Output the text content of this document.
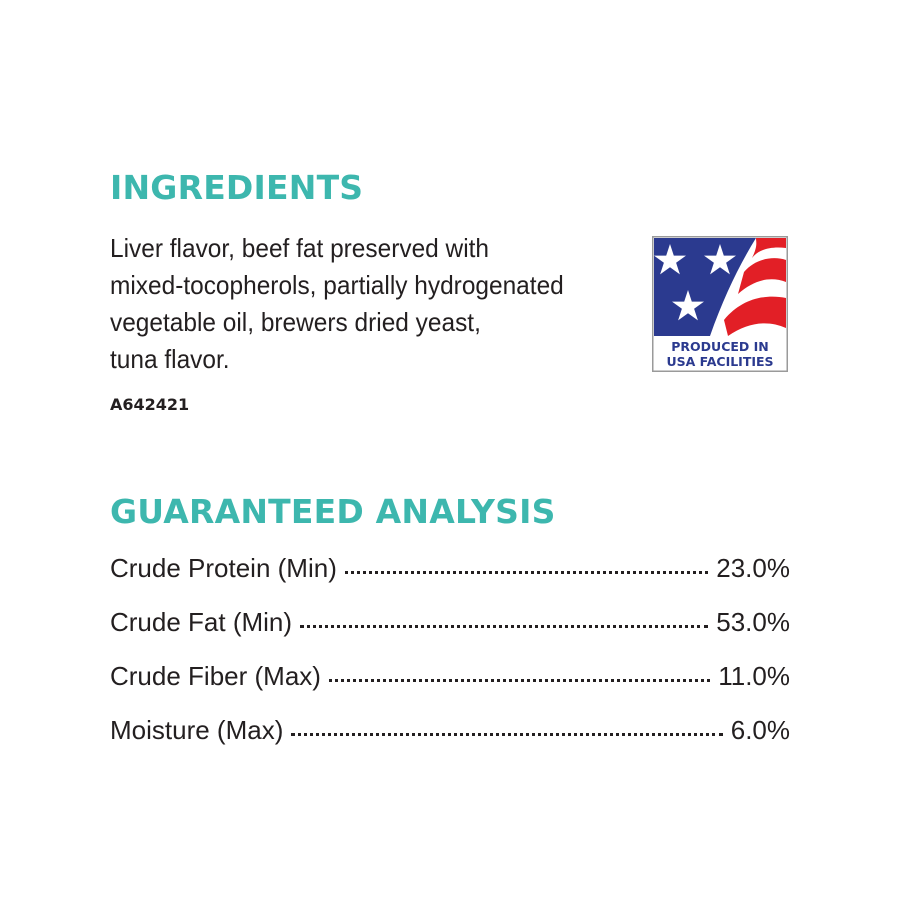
INGREDIENTS

Liver flavor, beef fat preserved with
mixed-tocopherols, partially hydrogenated
vegetable oil, brewers dried yeast,
tuna flavor.

A642421
PRODUCED IN
USA FACILITIES
GUARANTEED ANALYSIS
Crude Protein (Min)	23.0%
Crude Fat (Min)	53.0%
Crude Fiber (Max)	11.0%
Moisture (Max)	6.0%
